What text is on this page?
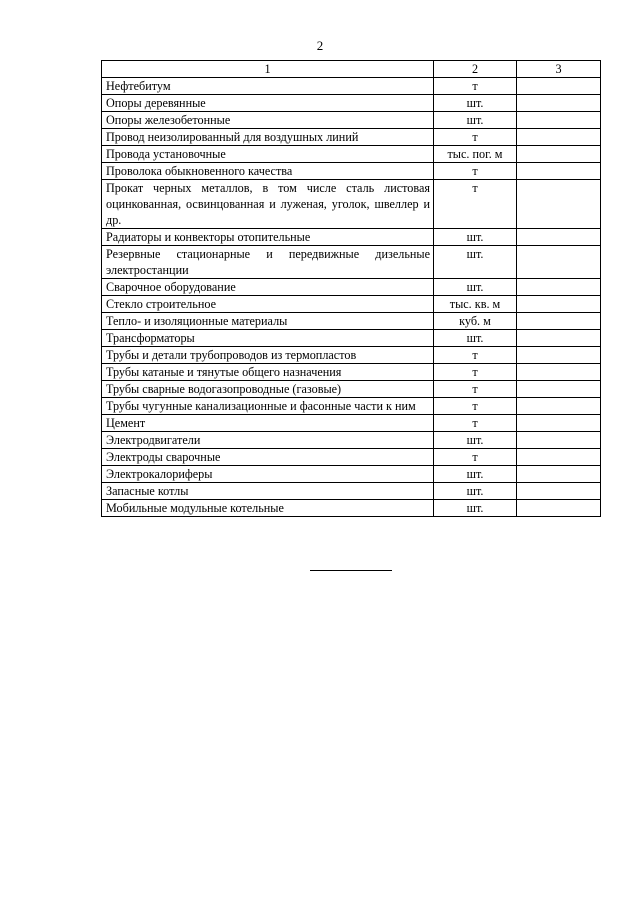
2
1	2	3
Нефтебитум	т	
Опоры деревянные	шт.	
Опоры железобетонные	шт.	
Провод неизолированный для воздушных линий	т	
Провода установочные	тыс. пог. м	
Проволока обыкновенного качества	т	
Прокат черных металлов, в том числе сталь листовая оцинкованная, освинцованная и луженая, уголок, швеллер и др.	т	
Радиаторы и конвекторы отопительные	шт.	
Резервные стационарные и передвижные дизельные электростанции	шт.	
Сварочное оборудование	шт.	
Стекло строительное	тыс. кв. м	
Тепло- и изоляционные материалы	куб. м	
Трансформаторы	шт.	
Трубы и детали трубопроводов из термопластов	т	
Трубы катаные и тянутые общего назначения	т	
Трубы сварные водогазопроводные (газовые)	т	
Трубы чугунные канализационные и фасонные части к ним	т	
Цемент	т	
Электродвигатели	шт.	
Электроды сварочные	т	
Электрокалориферы	шт.	
Запасные котлы	шт.	
Мобильные модульные котельные	шт.	
